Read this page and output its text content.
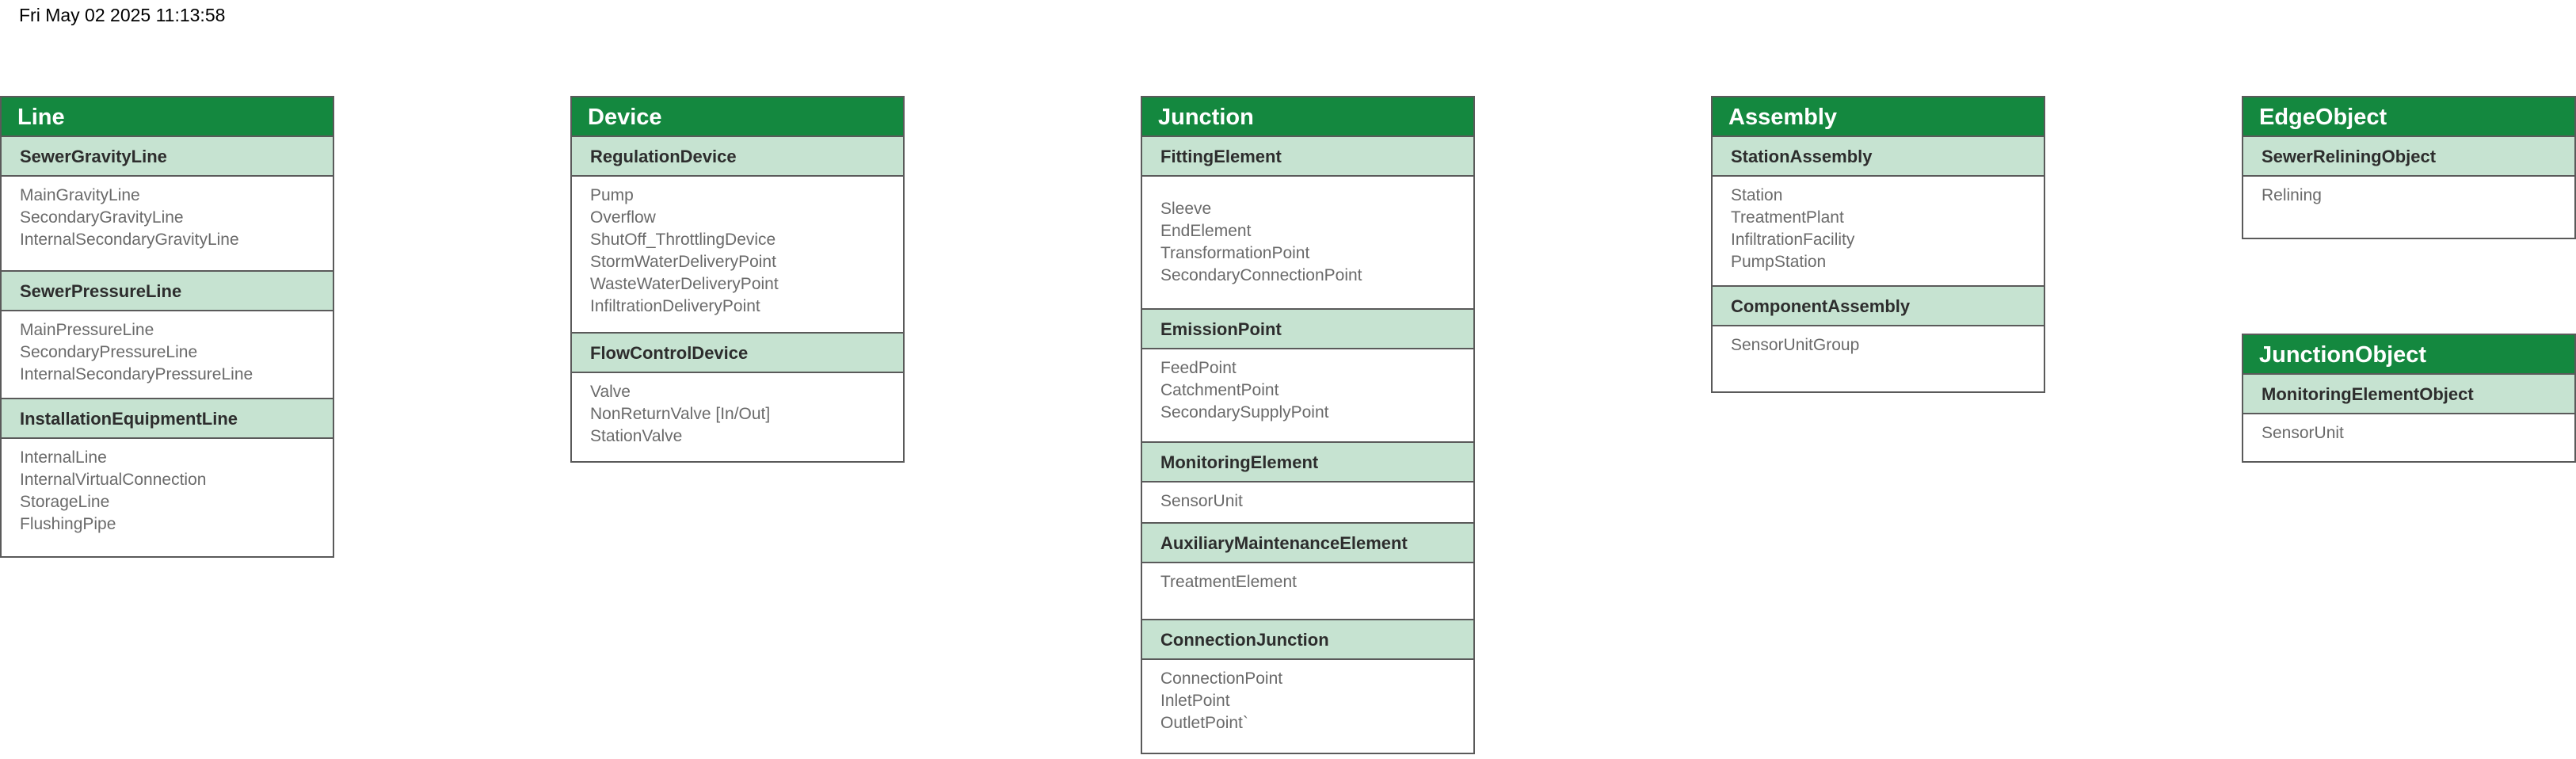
Fri May 02 2025 11:13:58
Line
SewerGravityLine
MainGravityLine
SecondaryGravityLine
InternalSecondaryGravityLine
SewerPressureLine
MainPressureLine
SecondaryPressureLine
InternalSecondaryPressureLine
InstallationEquipmentLine
InternalLine
InternalVirtualConnection
StorageLine
FlushingPipe
Device
RegulationDevice
Pump
Overflow
ShutOff_ThrottlingDevice
StormWaterDeliveryPoint
WasteWaterDeliveryPoint
InfiltrationDeliveryPoint
FlowControlDevice
Valve
NonReturnValve [In/Out]
StationValve
Junction
FittingElement
Sleeve
EndElement
TransformationPoint
SecondaryConnectionPoint
EmissionPoint
FeedPoint
CatchmentPoint
SecondarySupplyPoint
MonitoringElement
SensorUnit
AuxiliaryMaintenanceElement
TreatmentElement
ConnectionJunction
ConnectionPoint
InletPoint
OutletPoint`
Assembly
StationAssembly
Station
TreatmentPlant
InfiltrationFacility
PumpStation
ComponentAssembly
SensorUnitGroup
EdgeObject
SewerReliningObject
Relining
JunctionObject
MonitoringElementObject
SensorUnit
